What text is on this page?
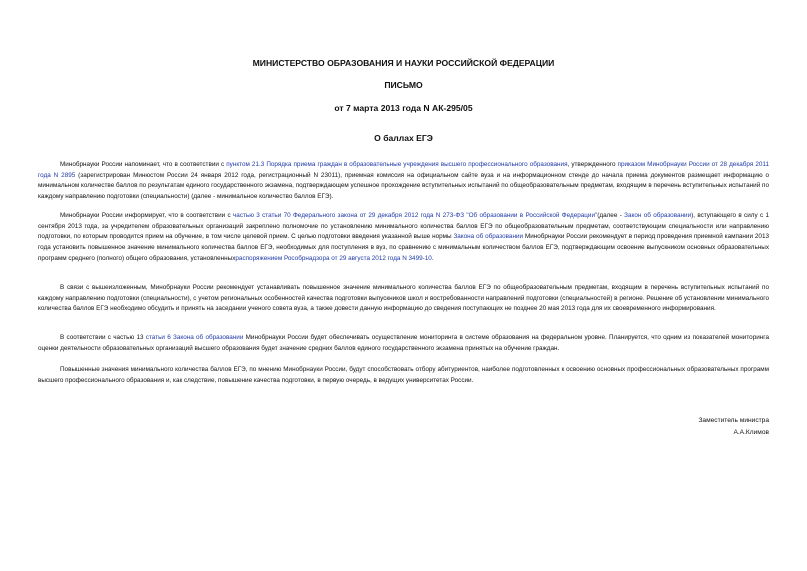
МИНИСТЕРСТВО ОБРАЗОВАНИЯ И НАУКИ РОССИЙСКОЙ ФЕДЕРАЦИИ
ПИСЬМО
от 7 марта 2013 года N АК-295/05
О баллах ЕГЭ
Минобрнауки России напоминает, что в соответствии с пунктом 21.3 Порядка приема граждан в образовательные учреждения высшего профессионального образования, утвержденного приказом Минобрнауки России от 28 декабря 2011 года N 2895 (зарегистрирован Минюстом России 24 января 2012 года, регистрационный N 23011), приемная комиссия на официальном сайте вуза и на информационном стенде до начала приема документов размещает информацию о минимальном количестве баллов по результатам единого государственного экзамена, подтверждающем успешное прохождение вступительных испытаний по общеобразовательным предметам, входящим в перечень вступительных испытаний по каждому направлению подготовки (специальности) (далее - минимальное количество баллов ЕГЭ).
Минобрнауки России информирует, что в соответствии с частью 3 статьи 70 Федерального закона от 29 декабря 2012 года N 273-ФЗ "Об образовании в Российской Федерации"(далее - Закон об образовании), вступающего в силу с 1 сентября 2013 года, за учредителем образовательных организаций закреплено полномочие по установлению минимального количества баллов ЕГЭ по общеобразовательным предметам, соответствующим специальности или направлению подготовки, по которым проводится прием на обучение, в том числе целевой прием. С целью подготовки введения указанной выше нормы Закона об образовании Минобрнауки России рекомендует в период проведения приемной кампании 2013 года установить повышенное значение минимального количества баллов ЕГЭ, необходимых для поступления в вуз, по сравнению с минимальным количеством баллов ЕГЭ, подтверждающим освоение выпускником основных образовательных программ среднего (полного) общего образования, установленныхраспоряжением Рособрнадзора от 29 августа 2012 года N 3499-10.
В связи с вышеизложенным, Минобрнауки России рекомендует устанавливать повышенное значение минимального количества баллов ЕГЭ по общеобразовательным предметам, входящим в перечень вступительных испытаний по каждому направлению подготовки (специальности), с учетом региональных особенностей качества подготовки выпускников школ и востребованности направлений подготовки (специальностей) в регионе. Решение об установлении минимального количества баллов ЕГЭ необходимо обсудить и принять на заседании ученого совета вуза, а также довести данную информацию до сведения поступающих не позднее 20 мая 2013 года для их своевременного информирования.
В соответствии с частью 13 статьи 6 Закона об образовании Минобрнауки России будет обеспечивать осуществление мониторинга в системе образования на федеральном уровне. Планируется, что одним из показателей мониторинга оценки деятельности образовательных организаций высшего образования будет значение средних баллов единого государственного экзамена принятых на обучение граждан.
Повышенные значения минимального количества баллов ЕГЭ, по мнению Минобрнауки России, будут способствовать отбору абитуриентов, наиболее подготовленных к освоению основных профессиональных образовательных программ высшего профессионального образования и, как следствие, повышение качества подготовки, в первую очередь, в ведущих университетах России.
Заместитель министра
А.А.Климов
